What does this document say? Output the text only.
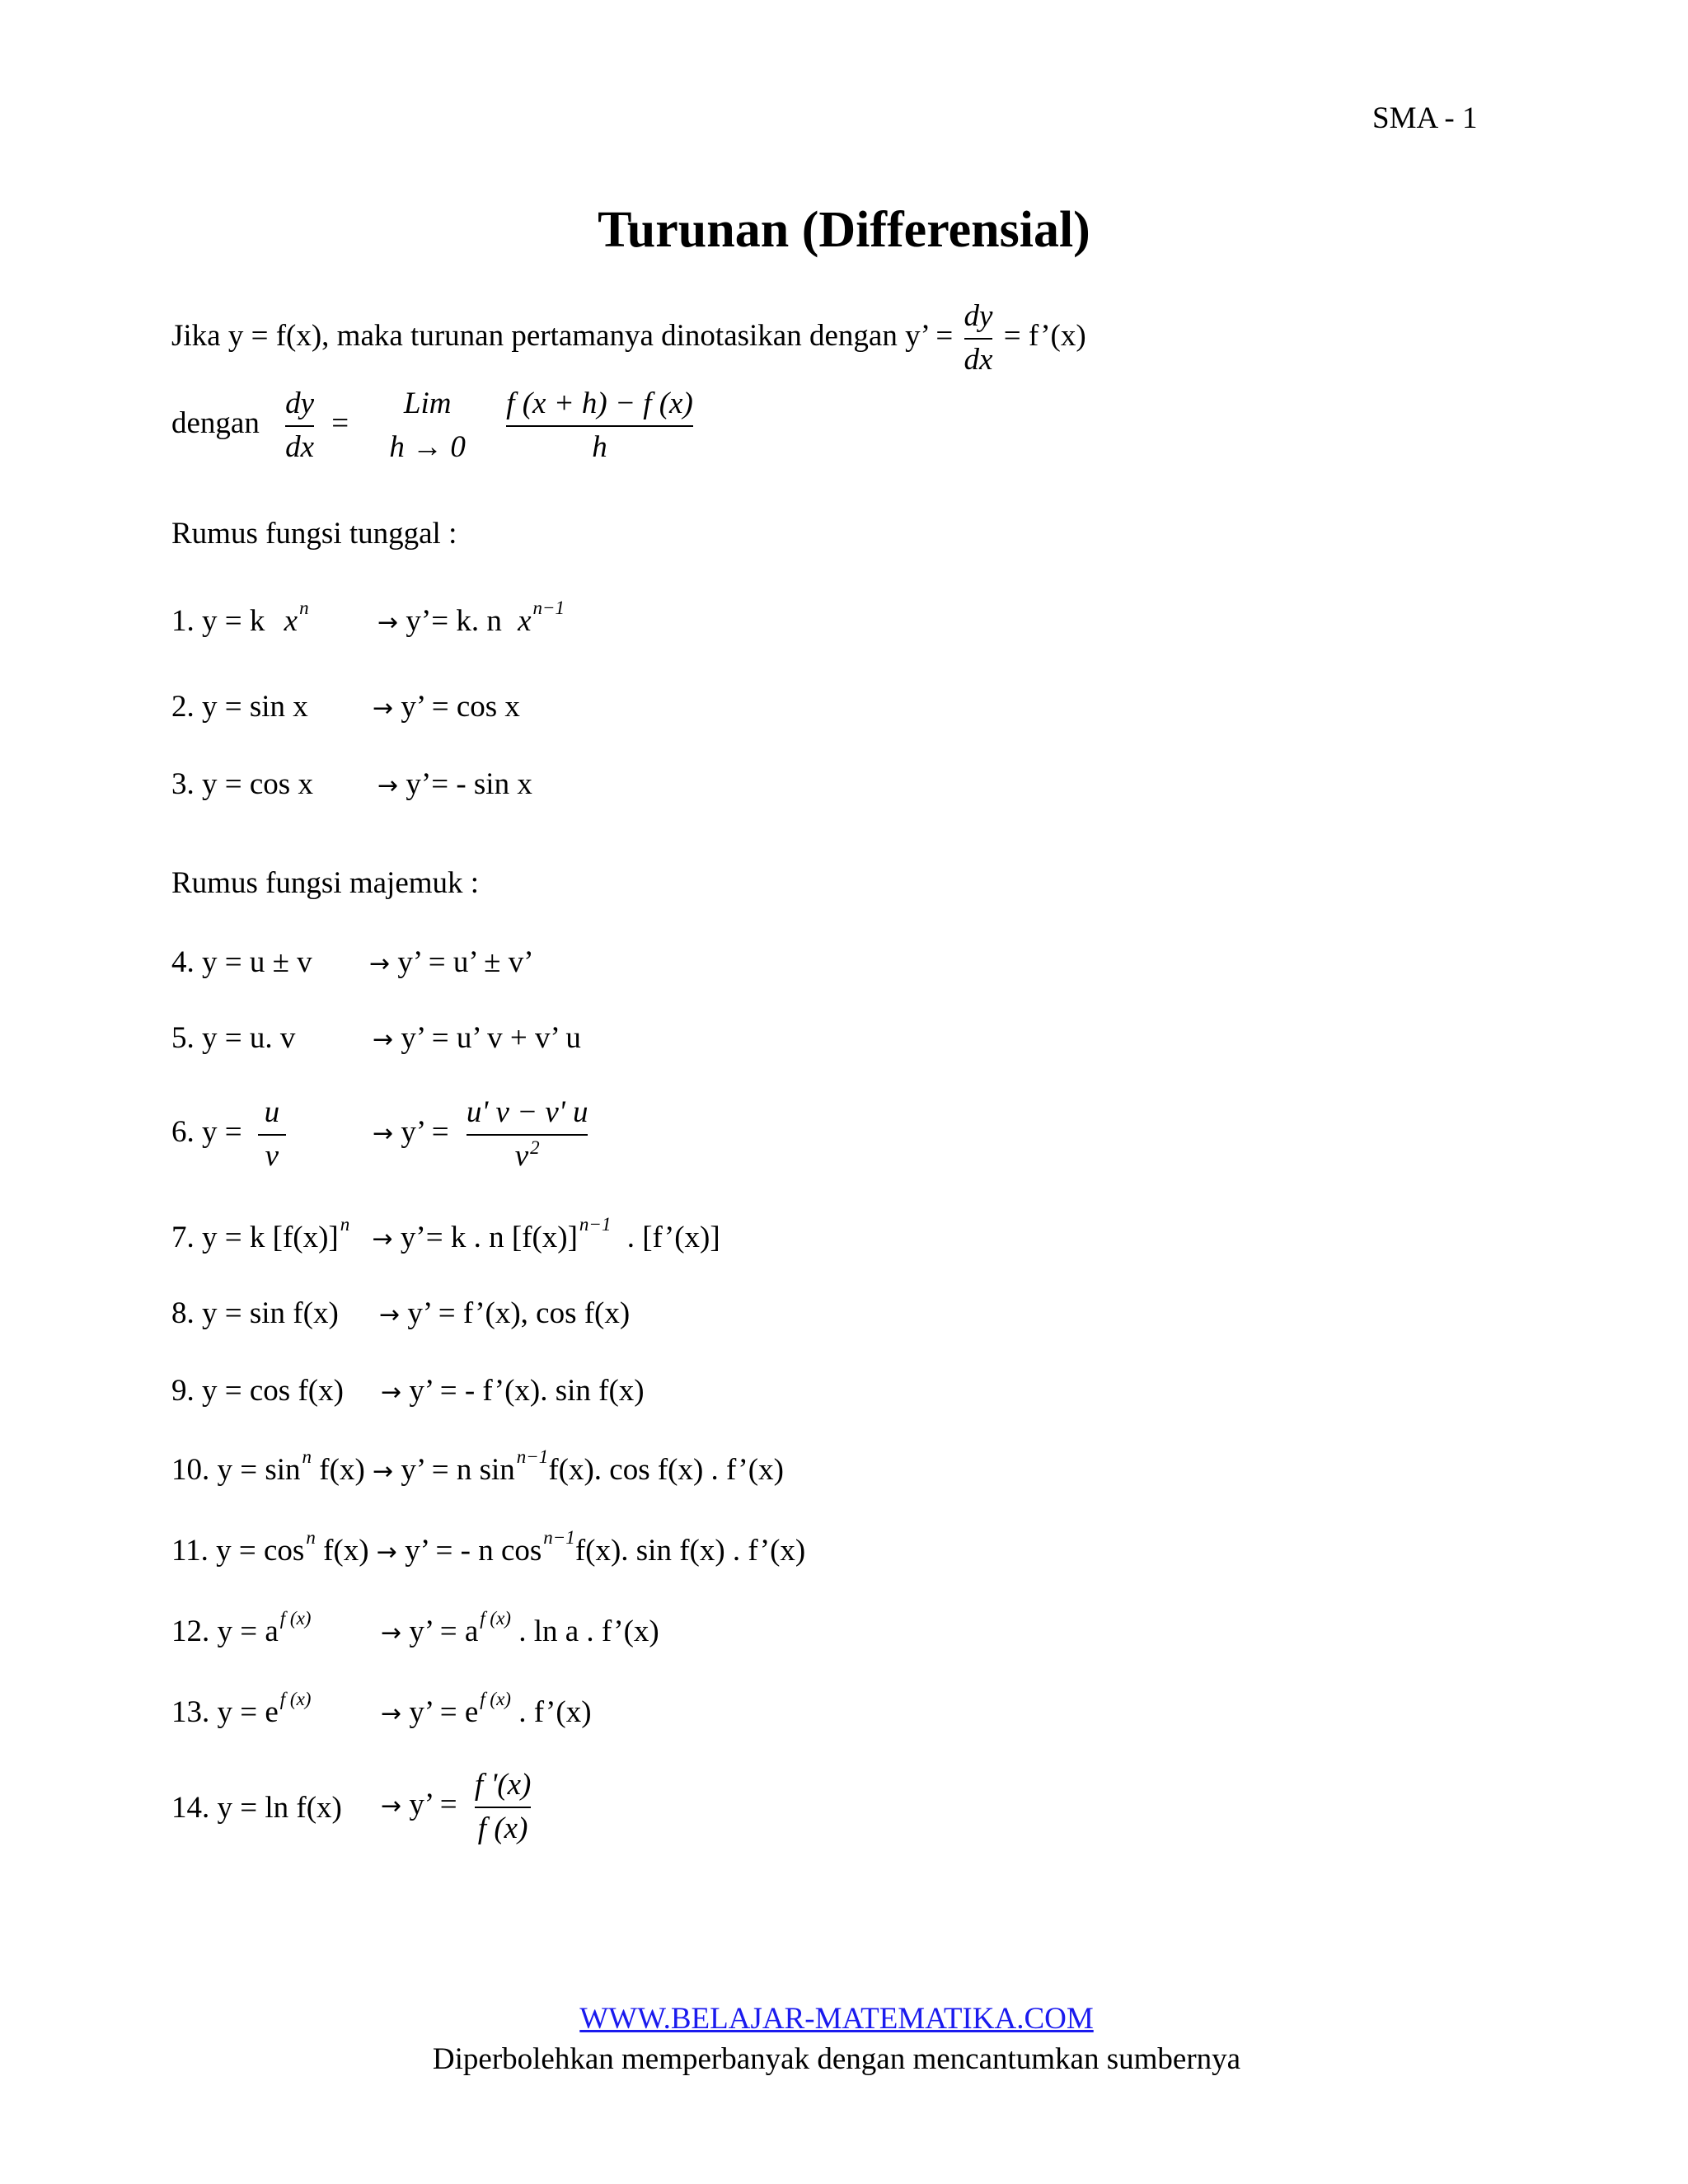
SMA - 1
Turunan (Differensial)
Jika y = f(x), maka turunan pertamanya dinotasikan dengan y’ = $\frac{dy}{dx}$ = f’(x)
dengan $\frac{dy}{dx}$ =
Lim
h → 0
$\frac{f (x + h) - f (x)}{h}$
Rumus fungsi tunggal :
1. y = k $x^n$
→ y’= k. n $x^{n-1}$
2. y = sin x	→ y’ = cos x
3. y = cos x	→ y’= - sin x
Rumus fungsi majemuk :
4. y = u ± v → y’ = u’ ± v’
5. y = u. v	→ y’ = u’ v + v’ u
6. $y = \frac{u}{v}$	→ y’ = $\frac{u' v - v' u}{v^2}$
7. y = k $[f(x)]^n$ → y’= k . n $[f(x)]^{n-1}$ . [f’(x)]
8. y = sin f(x) → y’ = f’(x), cos f(x)
9. y = cos f(x) → y’ = - f’(x). sin f(x)
10. $y = \sin^n f(x) \to y$’ = n $\sin^{n-1}f(x)$. cos f(x) . f’(x)
11. $y = \cos^n f(x) \to y$’ = - n $\cos^{n-1}f(x)$. sin f(x) . f’(x)
12. $y = a^{f (x)}$
→ y’ = $a^{f (x)}$ . ln a . f’(x)
13. $y = e^{f (x)}$
→ y’ = $e^{f (x)}$ . f’(x)
14. y = ln f(x) → y’ = $\frac{f '(x)}{f (x)}$
WWW.BELAJAR-MATEMATIKA.COM
Diperbolehkan memperbanyak dengan mencantumkan sumbernya
